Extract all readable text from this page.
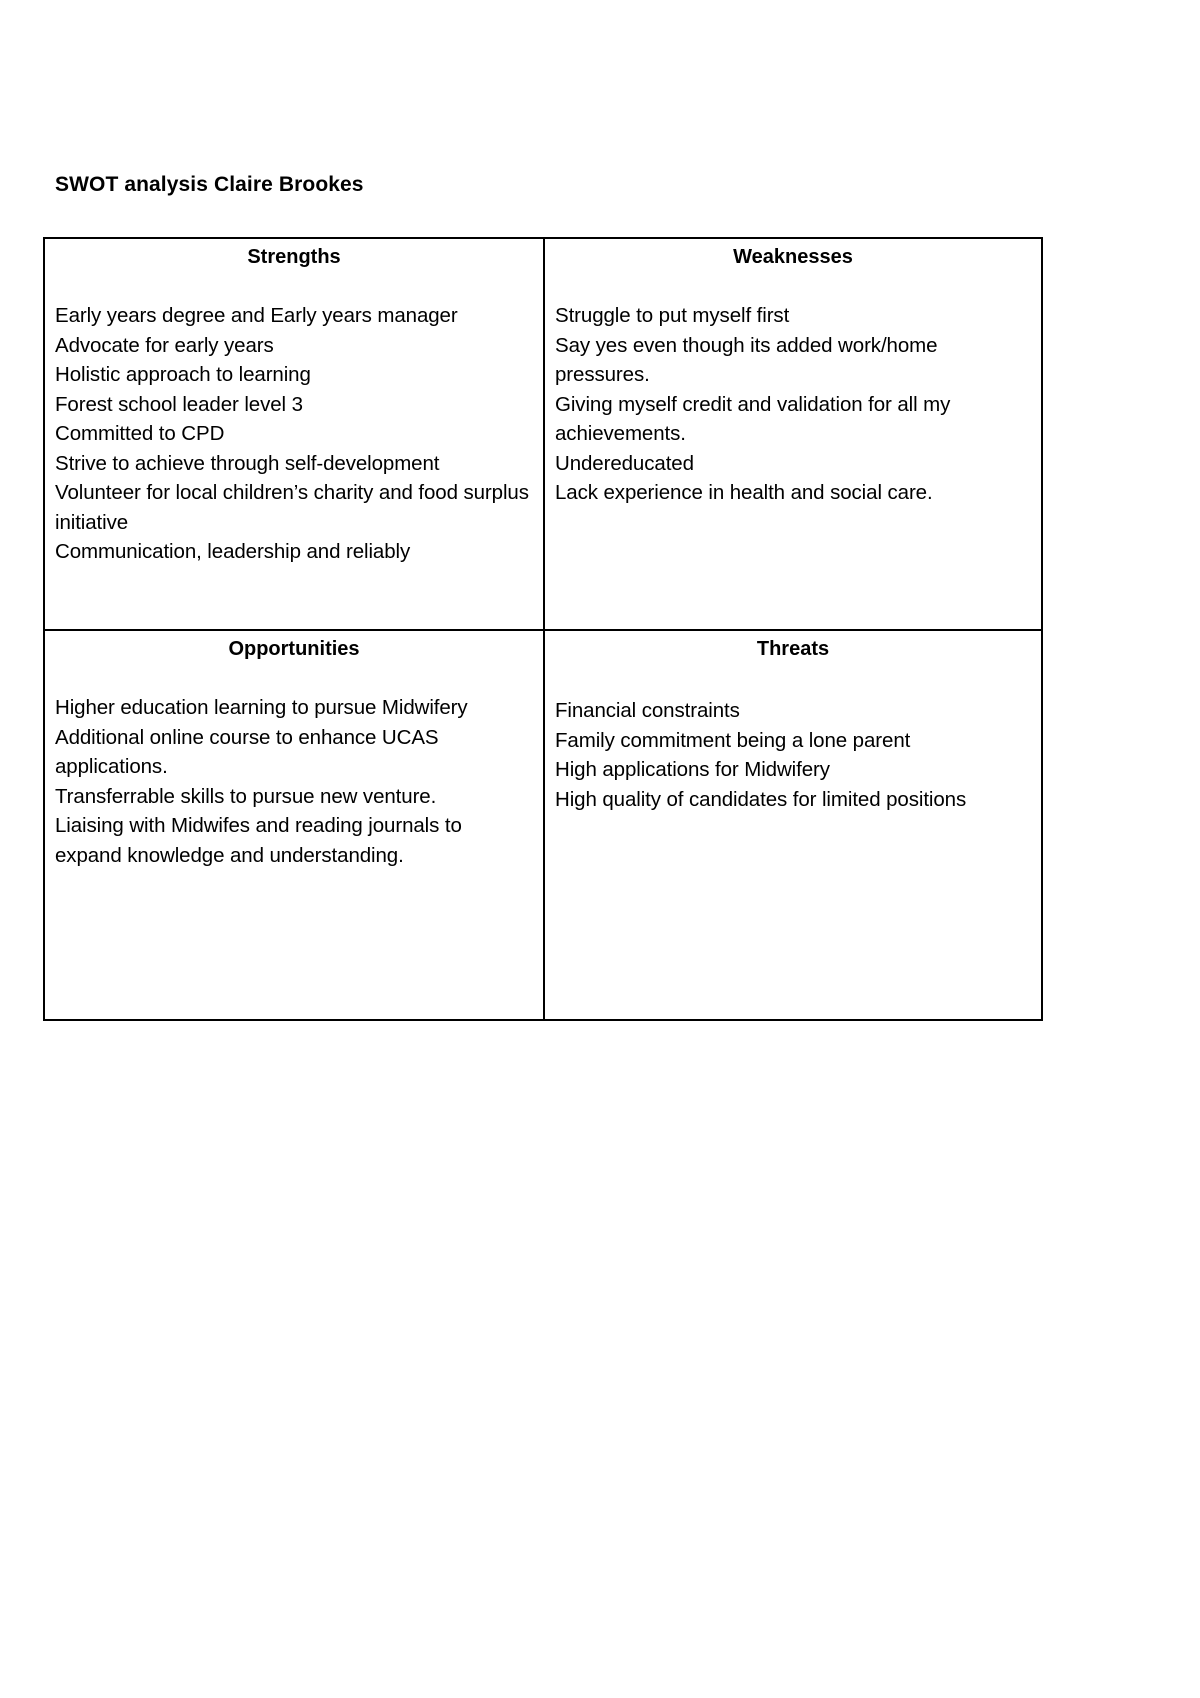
SWOT analysis Claire Brookes
Strengths
Early years degree and Early years manager
Advocate for early years
Holistic approach to learning
Forest school leader level 3
Committed to CPD
Strive to achieve through self-development
Volunteer for local children’s charity and food surplus initiative
Communication, leadership and reliably
Weaknesses
Struggle to put myself first
Say yes even though its added work/home pressures.
Giving myself credit and validation for all my achievements.
Undereducated
Lack experience in health and social care.
Opportunities
Higher education learning to pursue Midwifery
Additional online course to enhance UCAS applications.
Transferrable skills to pursue new venture.
Liaising with Midwifes and reading journals to expand knowledge and understanding.
Threats
Financial constraints
Family commitment being a lone parent
High applications for Midwifery
High quality of candidates for limited positions
